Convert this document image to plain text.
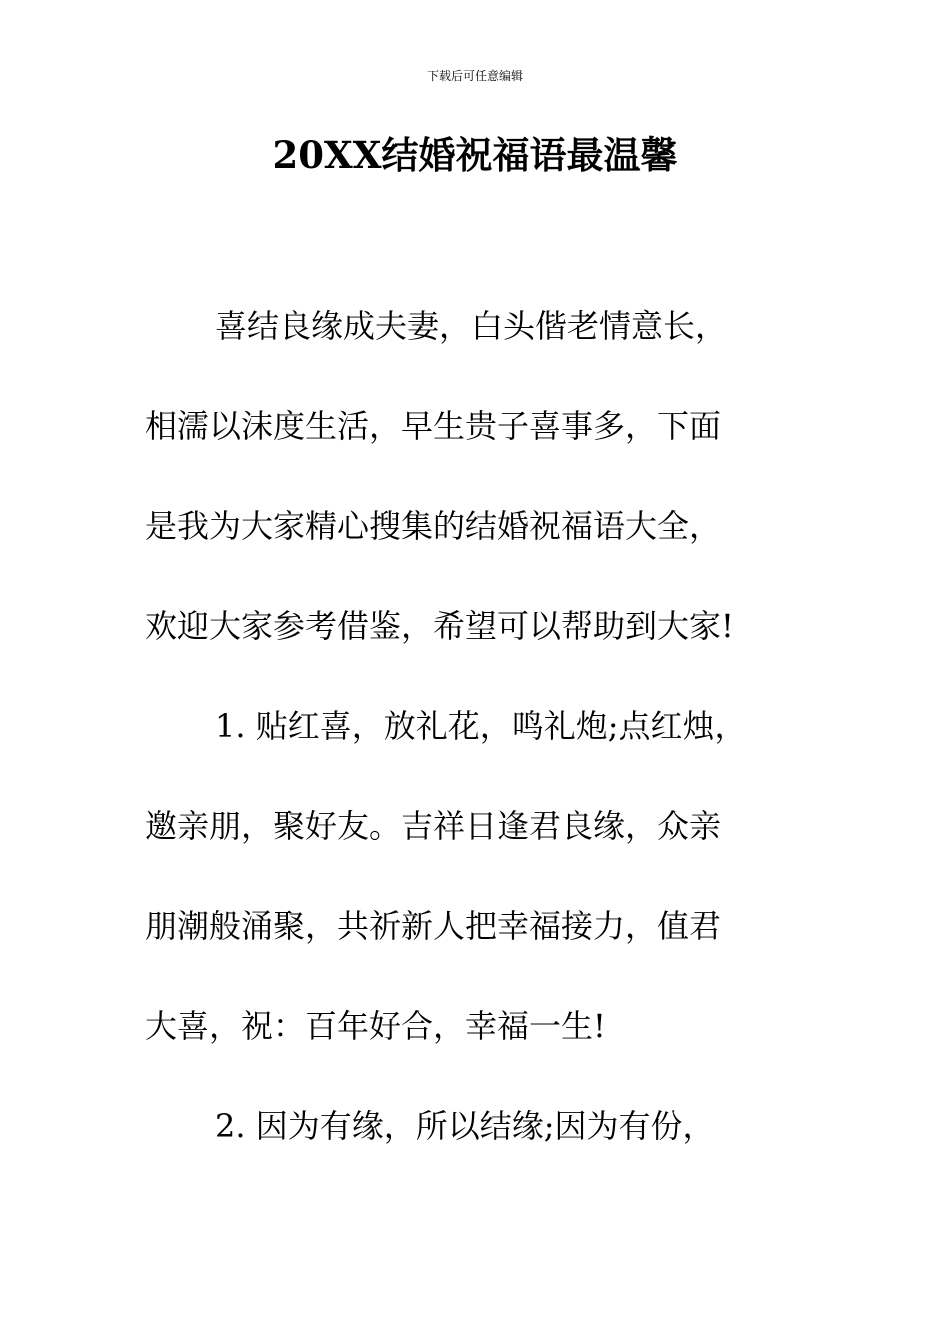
下载后可任意编辑
20XX结婚祝福语最温馨
喜结良缘成夫妻，白头偕老情意长，
相濡以沫度生活，早生贵子喜事多，下面
是我为大家精心搜集的结婚祝福语大全，
欢迎大家参考借鉴，希望可以帮助到大家!
1. 贴红喜，放礼花，鸣礼炮;点红烛，
邀亲朋，聚好友。吉祥日逢君良缘，众亲
朋潮般涌聚，共祈新人把幸福接力，值君
大喜，祝：百年好合，幸福一生!
2. 因为有缘，所以结缘;因为有份，
